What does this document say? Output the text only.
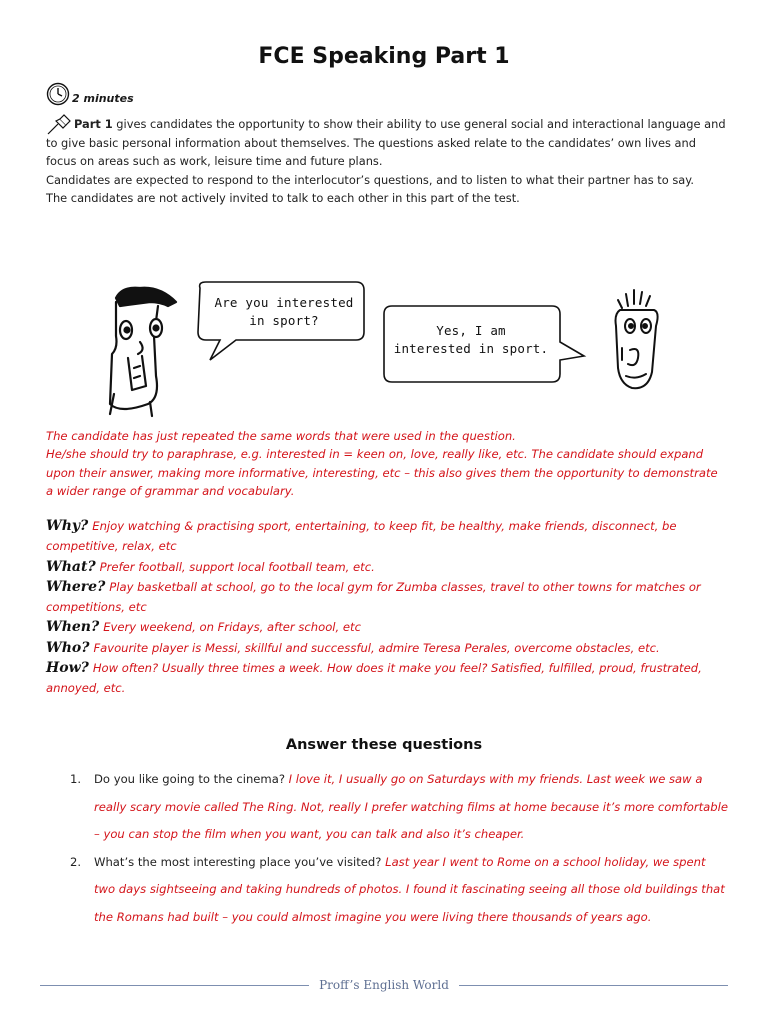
FCE Speaking Part 1
2 minutes

Part 1 gives candidates the opportunity to show their ability to use general social and interactional language and to give basic personal information about themselves. The questions asked relate to the candidates’ own lives and focus on areas such as work, leisure time and future plans.

Candidates are expected to respond to the interlocutor’s questions, and to listen to what their partner has to say.

The candidates are not actively invited to talk to each other in this part of the test.

Are you interested
in sport?
Yes, I am
interested in sport.

The candidate has just repeated the same words that were used in the question.

He/she should try to paraphrase, e.g. interested in = keen on, love, really like, etc. The candidate should expand upon their answer, making more informative, interesting, etc – this also gives them the opportunity to demonstrate a wider range of grammar and vocabulary.

Why? Enjoy watching & practising sport, entertaining, to keep fit, be healthy, make friends, disconnect, be competitive, relax, etc

What? Prefer football, support local football team, etc.

Where? Play basketball at school, go to the local gym for Zumba classes, travel to other towns for matches or competitions, etc

When? Every weekend, on Fridays, after school, etc

Who? Favourite player is Messi, skillful and successful, admire Teresa Perales, overcome obstacles, etc.

How? How often? Usually three times a week. How does it make you feel? Satisfied, fulfilled, proud, frustrated, annoyed, etc.

Answer these questions
1.	Do you like going to the cinema? I love it, I usually go on Saturdays with my friends. Last week we saw a really scary movie called The Ring. Not, really I prefer watching films at home because it’s more comfortable – you can stop the film when you want, you can talk and also it’s cheaper.
2.	What’s the most interesting place you’ve visited? Last year I went to Rome on a school holiday, we spent two days sightseeing and taking hundreds of photos. I found it fascinating seeing all those old buildings that the Romans had built – you could almost imagine you were living there thousands of years ago.
Proff’s English World
